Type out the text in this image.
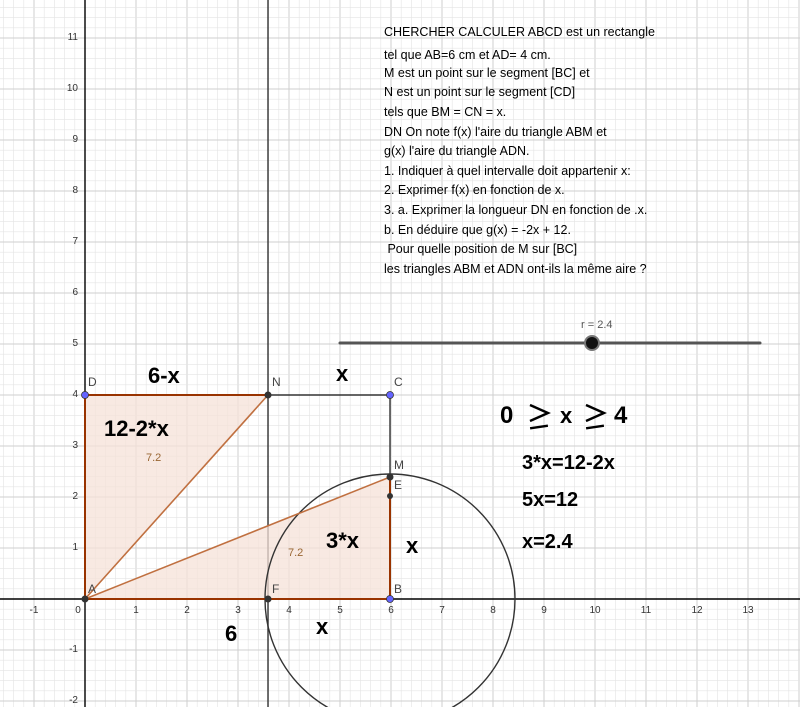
-1	0	1	2	3	4	5	6	7	8	9	10	11	12	13
11
10
9
8
7
6
5
4
3
2
1
-1
-2
A	B
C
D	N
M
E
F
6-x	x
12-2*x
7.2
3*x
7.2	x
6	x
r = 2.4
CHERCHER CALCULER ABCD est un rectangle
tel que AB=6 cm et AD= 4 cm.
M est un point sur le segment [BC] et
N est un point sur le segment [CD]
tels que BM = CN = x.
DN On note f(x) l'aire du triangle ABM et
g(x) l'aire du triangle ADN.
1. Indiquer à quel intervalle doit appartenir x:
2. Exprimer f(x) en fonction de x.
3. a. Exprimer la longueur DN en fonction de .x.
b. En déduire que g(x) = -2x + 12.
Pour quelle position de M sur [BC]
les triangles ABM et ADN ont-ils la même aire ?
0 x 4
3*x=12-2x
5x=12
x=2.4
